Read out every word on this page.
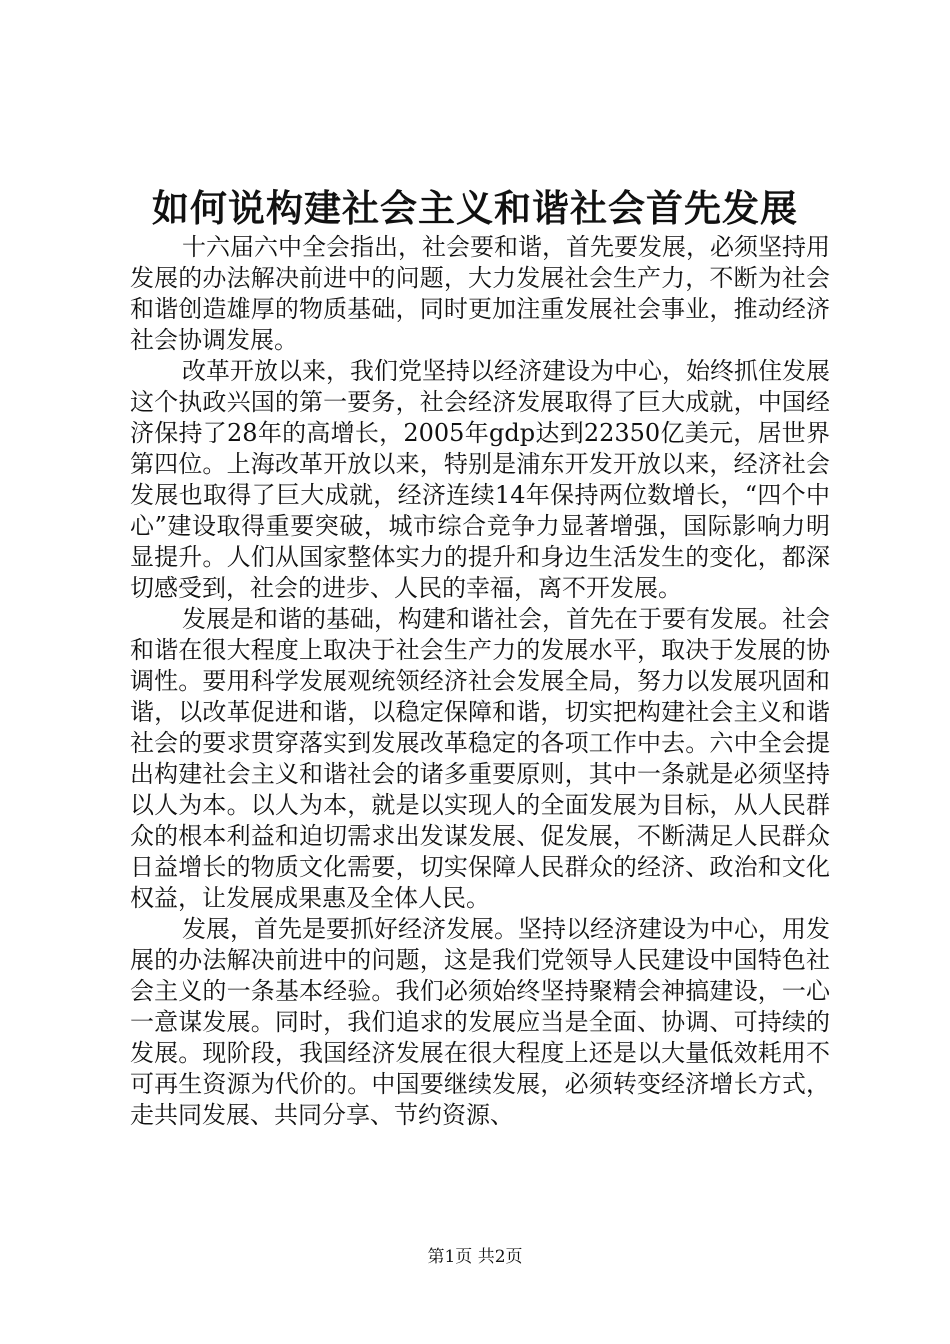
如何说构建社会主义和谐社会首先发展

十六届六中全会指出，社会要和谐，首先要发展，必须坚持用发展的办法解决前进中的问题，大力发展社会生产力，不断为社会和谐创造雄厚的物质基础，同时更加注重发展社会事业，推动经济社会协调发展。

改革开放以来，我们党坚持以经济建设为中心，始终抓住发展这个执政兴国的第一要务，社会经济发展取得了巨大成就，中国经济保持了28年的高增长，2005年gdp达到22350亿美元，居世界第四位。上海改革开放以来，特别是浦东开发开放以来，经济社会发展也取得了巨大成就，经济连续14年保持两位数增长，“四个中心”建设取得重要突破，城市综合竞争力显著增强，国际影响力明显提升。人们从国家整体实力的提升和身边生活发生的变化，都深切感受到，社会的进步、人民的幸福，离不开发展。

发展是和谐的基础，构建和谐社会，首先在于要有发展。社会和谐在很大程度上取决于社会生产力的发展水平，取决于发展的协调性。要用科学发展观统领经济社会发展全局，努力以发展巩固和谐，以改革促进和谐，以稳定保障和谐，切实把构建社会主义和谐社会的要求贯穿落实到发展改革稳定的各项工作中去。六中全会提出构建社会主义和谐社会的诸多重要原则，其中一条就是必须坚持以人为本。以人为本，就是以实现人的全面发展为目标，从人民群众的根本利益和迫切需求出发谋发展、促发展，不断满足人民群众日益增长的物质文化需要，切实保障人民群众的经济、政治和文化权益，让发展成果惠及全体人民。

发展，首先是要抓好经济发展。坚持以经济建设为中心，用发展的办法解决前进中的问题，这是我们党领导人民建设中国特色社会主义的一条基本经验。我们必须始终坚持聚精会神搞建设，一心一意谋发展。同时，我们追求的发展应当是全面、协调、可持续的发展。现阶段，我国经济发展在很大程度上还是以大量低效耗用不可再生资源为代价的。中国要继续发展，必须转变经济增长方式，走共同发展、共同分享、节约资源、

第1页 共2页
